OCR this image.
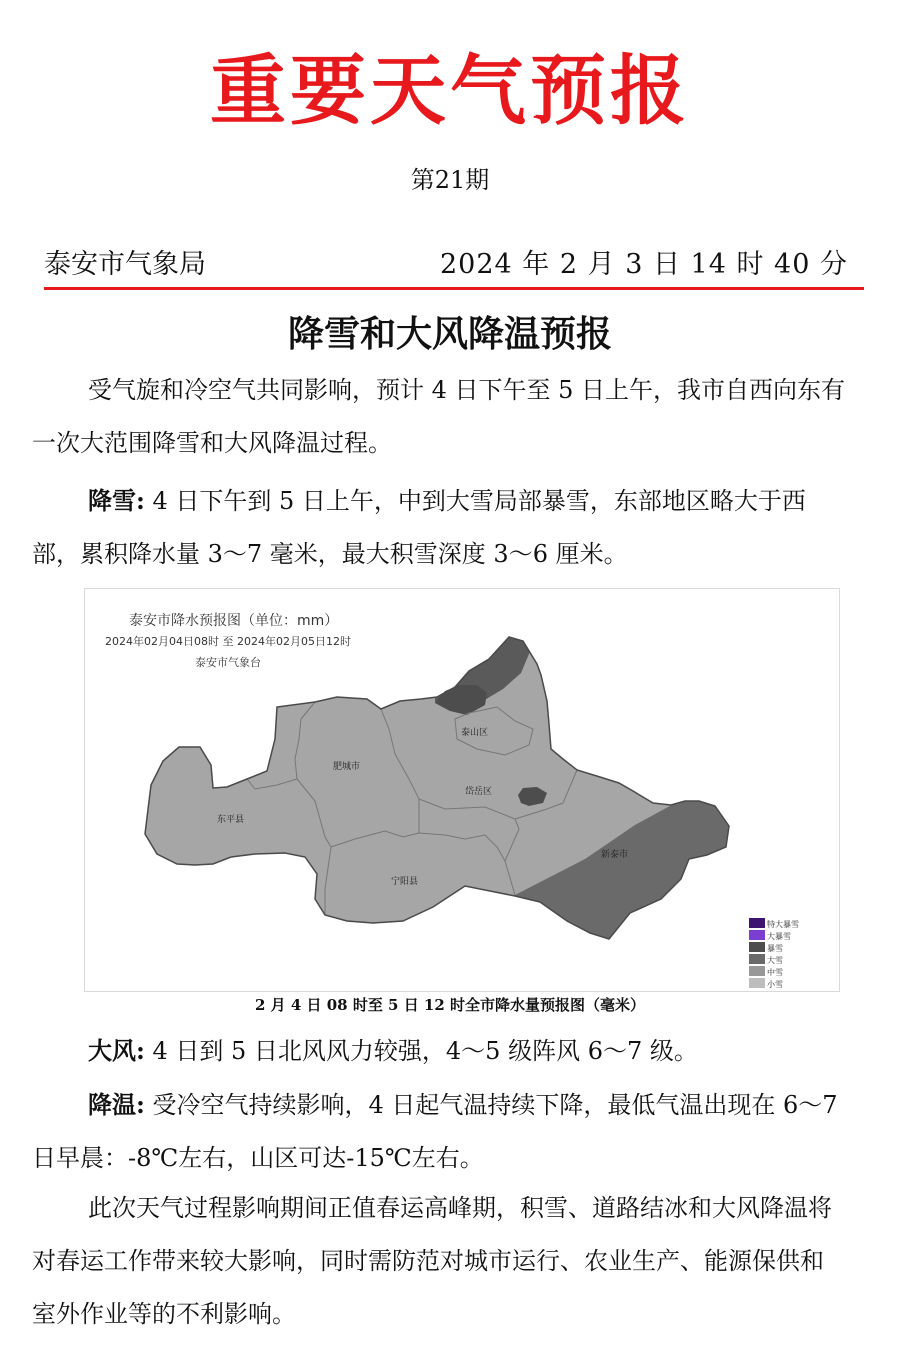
重要天气预报
第21期
泰安市气象局	2024 年 2 月 3 日 14 时 40 分
降雪和大风降温预报
受气旋和冷空气共同影响，预计 4 日下午至 5 日上午，我市自西向东有一次大范围降雪和大风降温过程。
降雪: 4 日下午到 5 日上午，中到大雪局部暴雪，东部地区略大于西部，累积降水量 3～7 毫米，最大积雪深度 3～6 厘米。
泰安市降水预报图（单位：mm）
2024年02月04日08时 至 2024年02月05日12时
泰安市气象台
东平县
肥城市
泰山区
岱岳区
宁阳县
新泰市
特大暴雪
大暴雪
暴雪
大雪
中雪
小雪
2 月 4 日 08 时至 5 日 12 时全市降水量预报图（毫米）
大风: 4 日到 5 日北风风力较强，4～5 级阵风 6～7 级。
降温: 受冷空气持续影响，4 日起气温持续下降，最低气温出现在 6～7 日早晨：-8℃左右，山区可达-15℃左右。
此次天气过程影响期间正值春运高峰期，积雪、道路结冰和大风降温将对春运工作带来较大影响，同时需防范对城市运行、农业生产、能源保供和室外作业等的不利影响。
